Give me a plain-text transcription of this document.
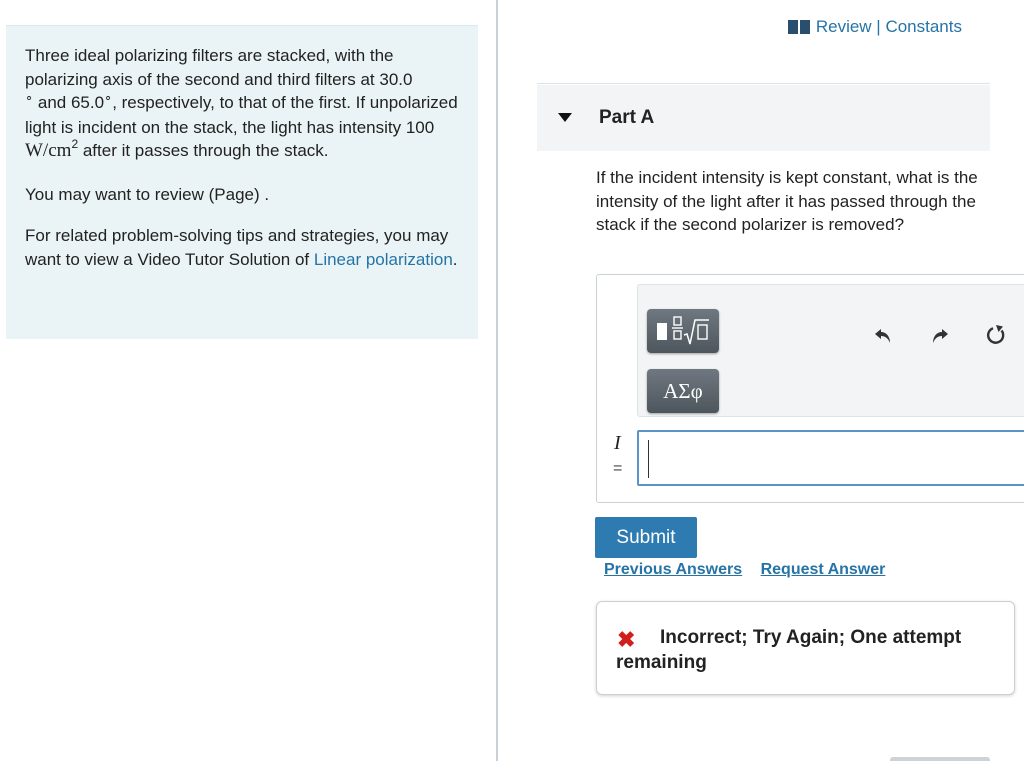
Three ideal polarizing filters are stacked, with the polarizing axis of the second and third filters at 30.0
∘ and 65.0∘, respectively, to that of the first. If unpolarized light is incident on the stack, the light has intensity 100 $W/cm^2$ after it passes through the stack.

You may want to review (Page) .

For related problem-solving tips and strategies, you may want to view a Video Tutor Solution of Linear polarization.

Review | Constants
Part A
If the incident intensity is kept constant, what is the intensity of the light after it has passed through the stack if the second polarizer is removed?
ΑΣφ
I
=
Submit
Previous Answers Request Answer
✖	Incorrect; Try Again; One attempt remaining
